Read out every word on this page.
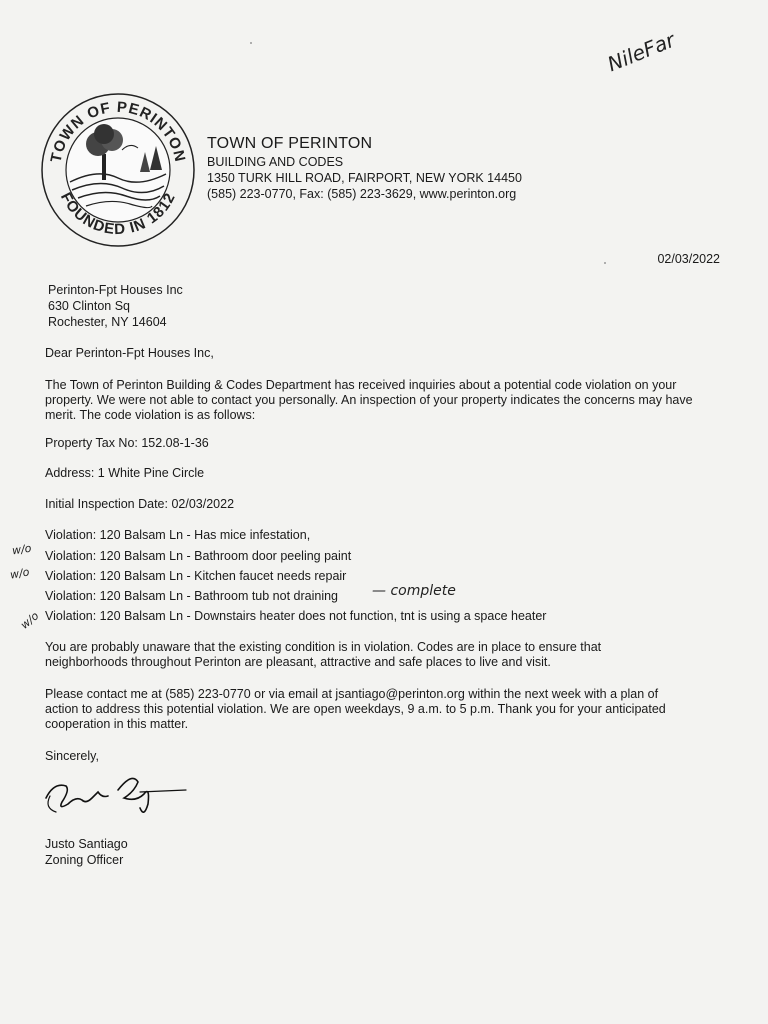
NileFar
TOWN OF PERINTON
FOUNDED IN 1812
TOWN OF PERINTON
BUILDING AND CODES
1350 TURK HILL ROAD, FAIRPORT, NEW YORK 14450
(585) 223-0770, Fax: (585) 223-3629, www.perinton.org
02/03/2022
Perinton-Fpt Houses Inc
630 Clinton Sq
Rochester, NY 14604
Dear Perinton-Fpt Houses Inc,
The Town of Perinton Building & Codes Department has received inquiries about a potential code violation on your
property. We were not able to contact you personally. An inspection of your property indicates the concerns may have
merit. The code violation is as follows:
Property Tax No: 152.08-1-36
Address: 1 White Pine Circle
Initial Inspection Date: 02/03/2022
Violation: 120 Balsam Ln - Has mice infestation,
Violation: 120 Balsam Ln - Bathroom door peeling paint
Violation: 120 Balsam Ln - Kitchen faucet needs repair
Violation: 120 Balsam Ln - Bathroom tub not draining
Violation: 120 Balsam Ln - Downstairs heater does not function, tnt is using a space heater
w/o
w/o
w/o
— complete
You are probably unaware that the existing condition is in violation. Codes are in place to ensure that
neighborhoods throughout Perinton are pleasant, attractive and safe places to live and visit.
Please contact me at (585) 223-0770 or via email at jsantiago@perinton.org within the next week with a plan of
action to address this potential violation. We are open weekdays, 9 a.m. to 5 p.m. Thank you for your anticipated
cooperation in this matter.
Sincerely,
Justo Santiago
Zoning Officer
